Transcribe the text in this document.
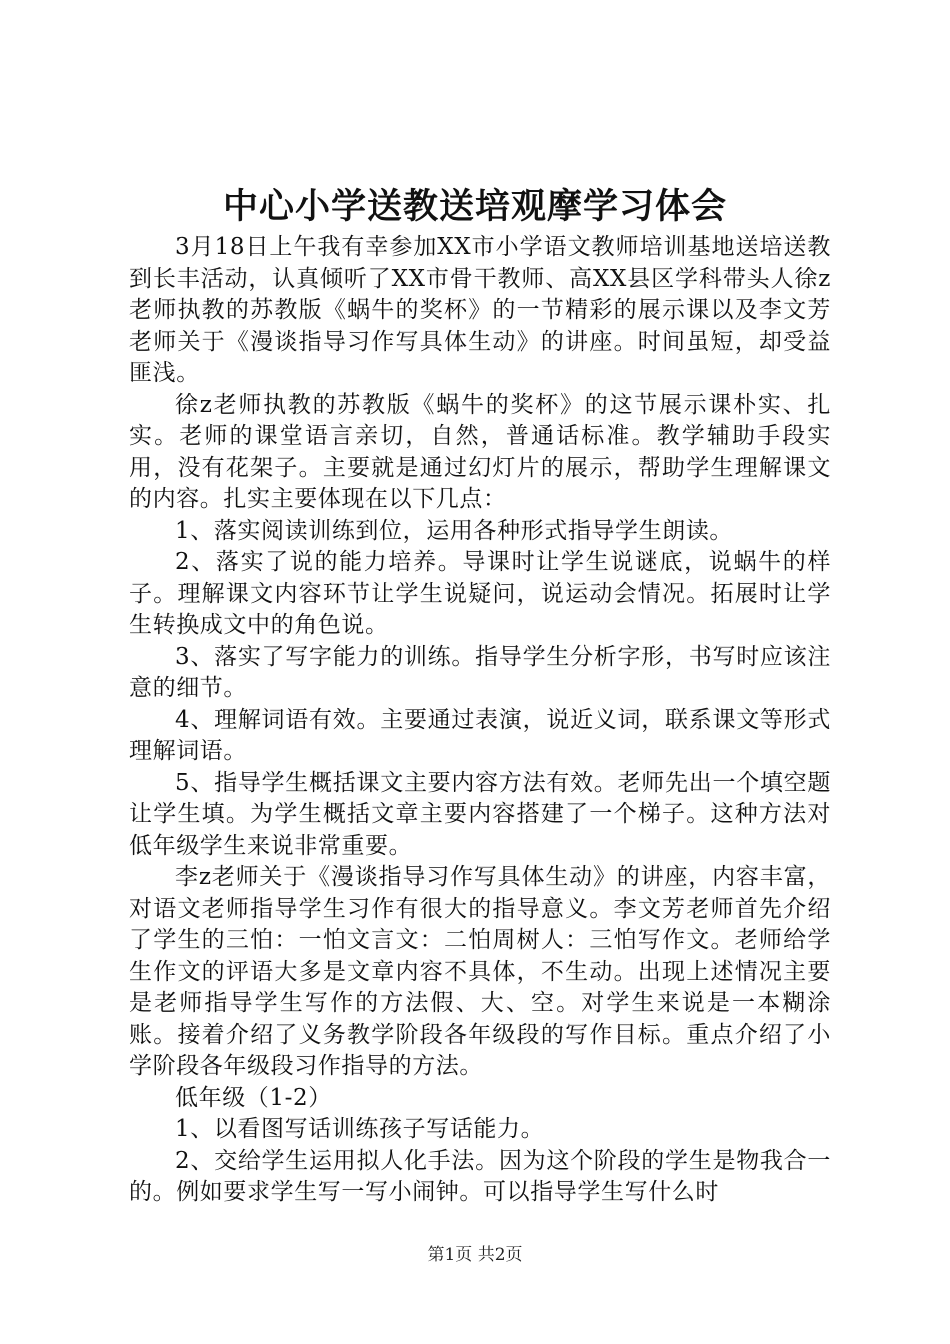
中心小学送教送培观摩学习体会

3月18日上午我有幸参加XX市小学语文教师培训基地送培送教到长丰活动，认真倾听了XX市骨干教师、高XX县区学科带头人徐z老师执教的苏教版《蜗牛的奖杯》的一节精彩的展示课以及李文芳老师关于《漫谈指导习作写具体生动》的讲座。时间虽短，却受益匪浅。

徐z老师执教的苏教版《蜗牛的奖杯》的这节展示课朴实、扎实。老师的课堂语言亲切，自然，普通话标准。教学辅助手段实用，没有花架子。主要就是通过幻灯片的展示，帮助学生理解课文的内容。扎实主要体现在以下几点：

1、落实阅读训练到位，运用各种形式指导学生朗读。

2、落实了说的能力培养。导课时让学生说谜底，说蜗牛的样子。理解课文内容环节让学生说疑问，说运动会情况。拓展时让学生转换成文中的角色说。

3、落实了写字能力的训练。指导学生分析字形，书写时应该注意的细节。

4、理解词语有效。主要通过表演，说近义词，联系课文等形式理解词语。

5、指导学生概括课文主要内容方法有效。老师先出一个填空题让学生填。为学生概括文章主要内容搭建了一个梯子。这种方法对低年级学生来说非常重要。

李z老师关于《漫谈指导习作写具体生动》的讲座，内容丰富，对语文老师指导学生习作有很大的指导意义。李文芳老师首先介绍了学生的三怕：一怕文言文：二怕周树人：三怕写作文。老师给学生作文的评语大多是文章内容不具体，不生动。出现上述情况主要是老师指导学生写作的方法假、大、空。对学生来说是一本糊涂账。接着介绍了义务教学阶段各年级段的写作目标。重点介绍了小学阶段各年级段习作指导的方法。

低年级（1-2）

1、以看图写话训练孩子写话能力。

2、交给学生运用拟人化手法。因为这个阶段的学生是物我合一的。例如要求学生写一写小闹钟。可以指导学生写什么时

第1页 共2页
